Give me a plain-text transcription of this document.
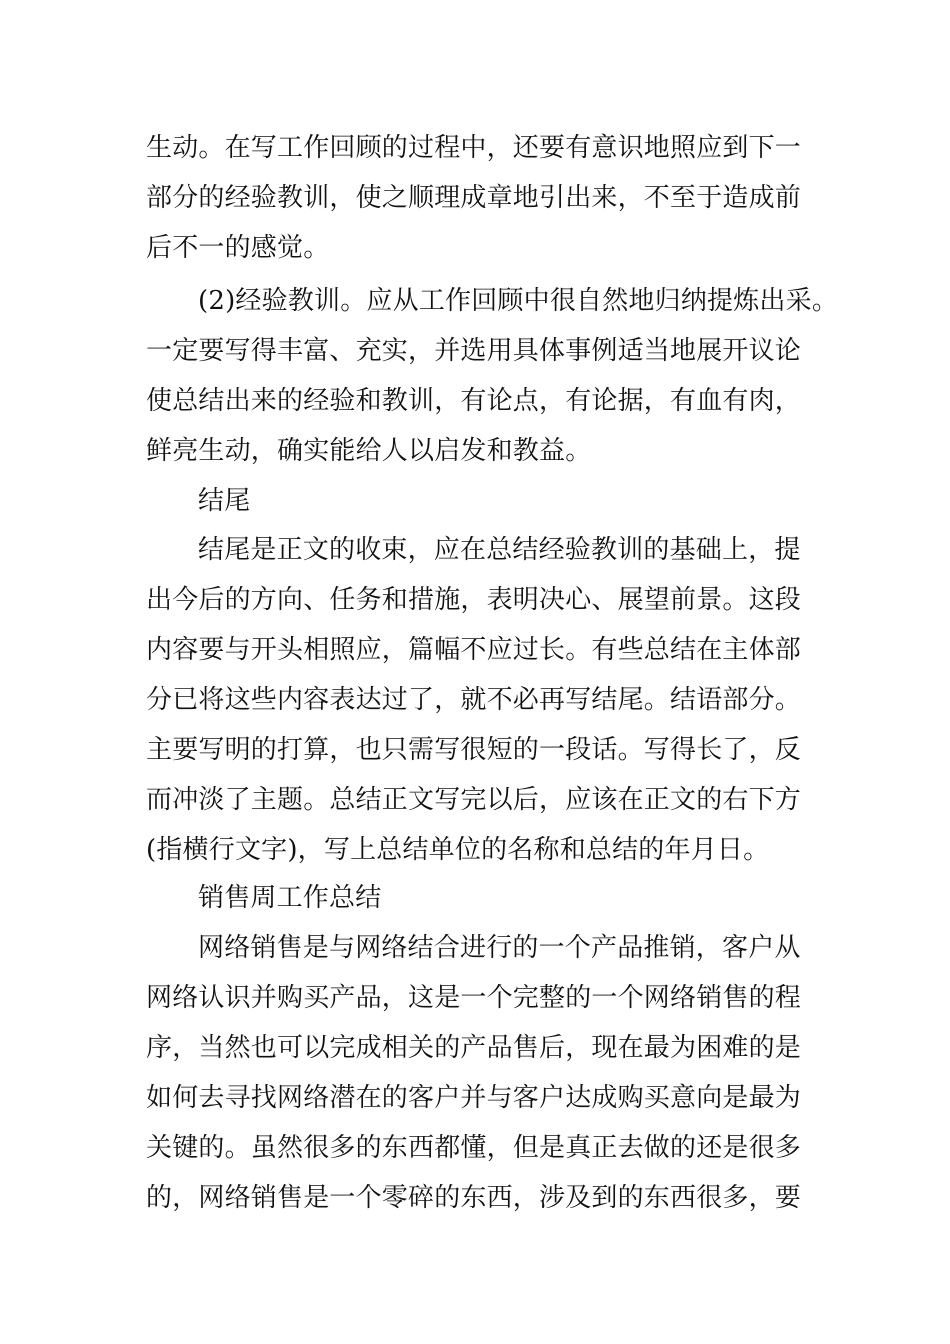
生动。在写工作回顾的过程中，还要有意识地照应到下一
部分的经验教训，使之顺理成章地引出来，不至于造成前
后不一的感觉。
(2)经验教训。应从工作回顾中很自然地归纳提炼出采。
一定要写得丰富、充实，并选用具体事例适当地展开议论
使总结出来的经验和教训，有论点，有论据，有血有肉，
鲜亮生动，确实能给人以启发和教益。
结尾
结尾是正文的收束，应在总结经验教训的基础上，提
出今后的方向、任务和措施，表明决心、展望前景。这段
内容要与开头相照应，篇幅不应过长。有些总结在主体部
分已将这些内容表达过了，就不必再写结尾。结语部分。
主要写明的打算，也只需写很短的一段话。写得长了，反
而冲淡了主题。总结正文写完以后，应该在正文的右下方
(指横行文字)，写上总结单位的名称和总结的年月日。
销售周工作总结
网络销售是与网络结合进行的一个产品推销，客户从
网络认识并购买产品，这是一个完整的一个网络销售的程
序，当然也可以完成相关的产品售后，现在最为困难的是
如何去寻找网络潜在的客户并与客户达成购买意向是最为
关键的。虽然很多的东西都懂，但是真正去做的还是很多
的，网络销售是一个零碎的东西，涉及到的东西很多，要
